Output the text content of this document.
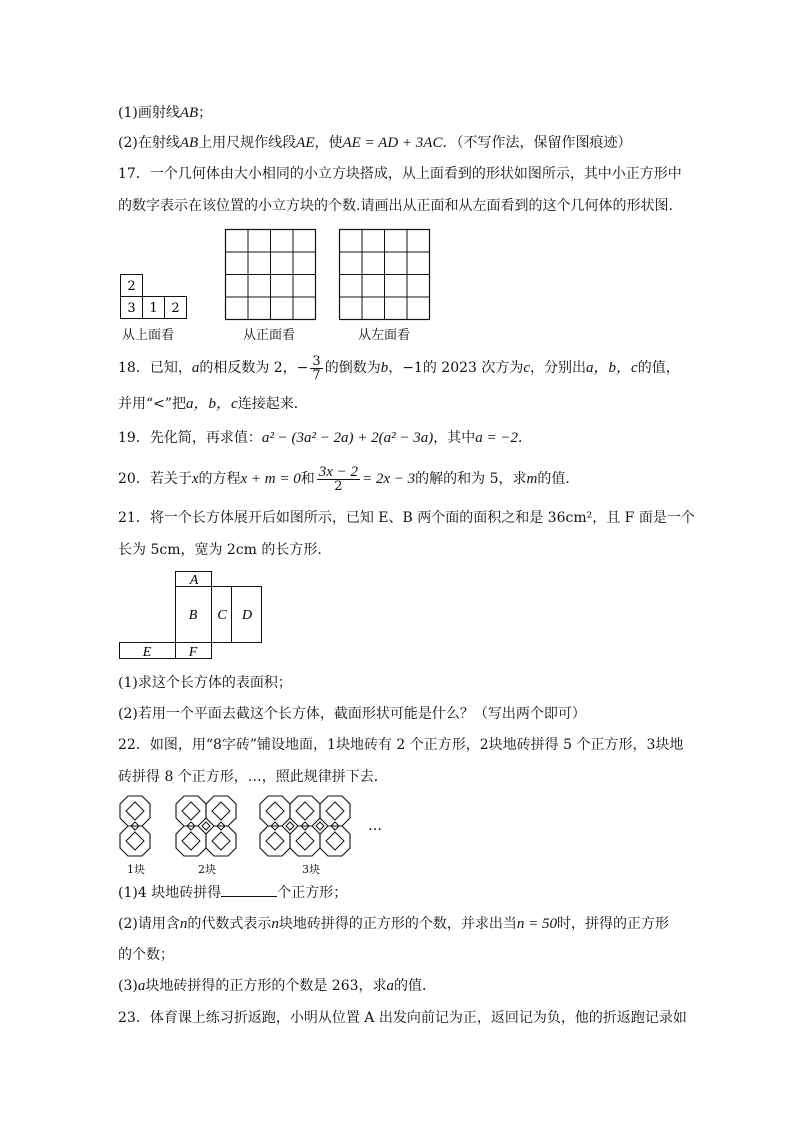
(1)画射线AB；
(2)在射线AB上用尺规作线段AE，使AE = AD + 3AC．（不写作法，保留作图痕迹）
17．一个几何体由大小相同的小立方块搭成，从上面看到的形状如图所示，其中小正方形中
的数字表示在该位置的小立方块的个数.请画出从正面和从左面看到的这个几何体的形状图.
2
3 1 2
从上面看	从正面看	从左面看
18．已知，a的相反数为 2，− $\frac{3}{7}$ 的倒数为b，−1的 2023 次方为c，分别出a，b，c的值，
并用“<”把a，b，c连接起来．
19．先化简，再求值：a² − (3a² − 2a) + 2(a² − 3a)，其中a = −2．
20．若关于x的方程x + m = 0和 $\frac{3x - 2}{2} = 2x - 3$的解的和为 5，求m的值．
21．将一个长方体展开后如图所示，已知 E、B 两个面的面积之和是 36cm²，且 F 面是一个
长为 5cm，宽为 2cm 的长方形．
A
B C D
E	F
(1)求这个长方体的表面积；
(2)若用一个平面去截这个长方体，截面形状可能是什么？（写出两个即可）
22．如图，用“8字砖”铺设地面，1块地砖有 2 个正方形，2块地砖拼得 5 个正方形，3块地
砖拼得 8 个正方形，…，照此规律拼下去．
…
1块	2块	3块
(1)4 块地砖拼得	个正方形；
(2)请用含n的代数式表示n块地砖拼得的正方形的个数，并求出当n = 50时，拼得的正方形
的个数；
(3)a块地砖拼得的正方形的个数是 263，求a的值．
23．体育课上练习折返跑，小明从位置 A 出发向前记为正，返回记为负，他的折返跑记录如
